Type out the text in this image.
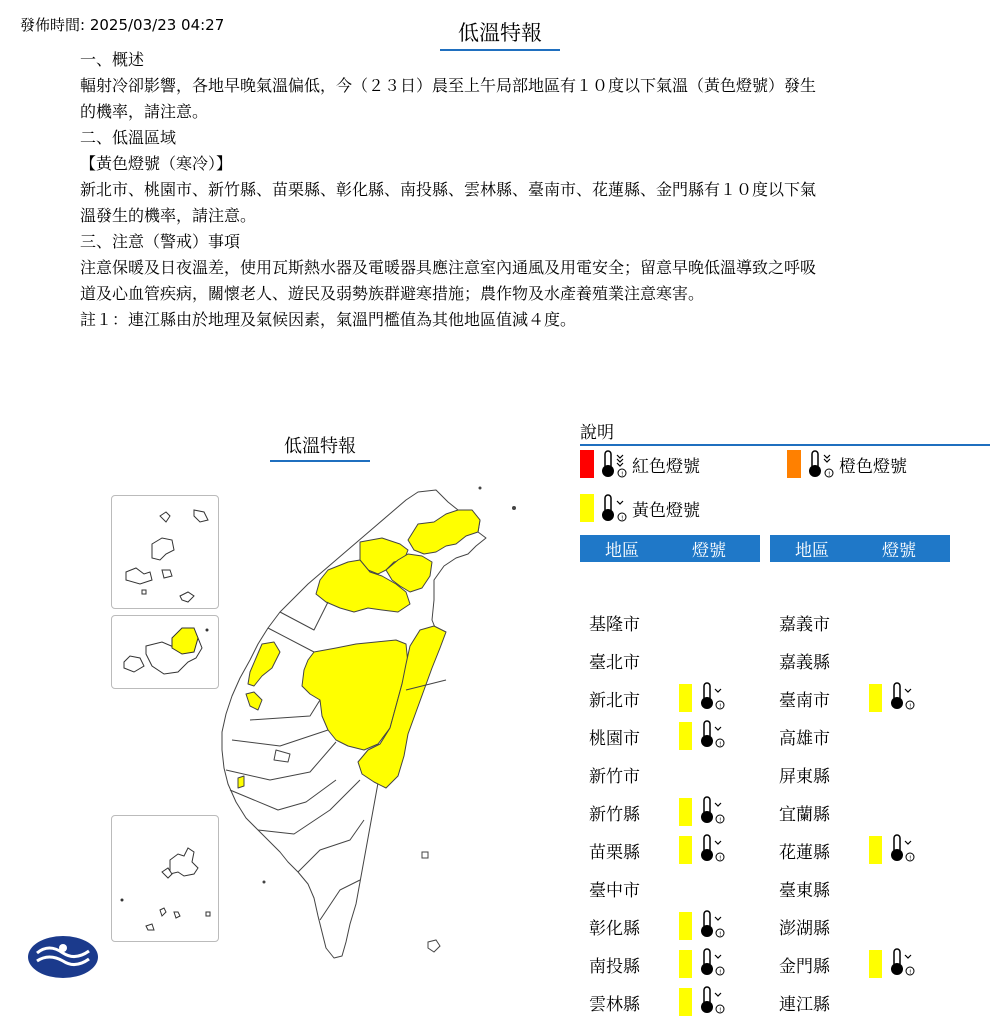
發佈時間: 2025/03/23 04:27	低溫特報

一、概述

輻射冷卻影響，各地早晚氣溫偏低，今（２３日）晨至上午局部地區有１０度以下氣溫（黃色燈號）發生

的機率，請注意。

二、低溫區域

【黃色燈號（寒冷）】

新北市、桃園市、新竹縣、苗栗縣、彰化縣、南投縣、雲林縣、臺南市、花蓮縣、金門縣有１０度以下氣

溫發生的機率，請注意。

三、注意（警戒）事項

注意保暖及日夜溫差，使用瓦斯熱水器及電暖器具應注意室內通風及用電安全；留意早晚低溫導致之呼吸

道及心血管疾病，關懷老人、遊民及弱勢族群避寒措施；農作物及水產養殖業注意寒害。

註１：連江縣由於地理及氣候因素，氣溫門檻值為其他地區值減４度。

低溫特報
說明
! 紅色燈號	! 橙色燈號
! 黃色燈號
地區	燈號
基隆市
臺北市
新北市	!
桃園市	!
新竹市
新竹縣	!
苗栗縣	!
臺中市
彰化縣	!
南投縣	!
雲林縣	!
地區	燈號
嘉義市
嘉義縣
臺南市	!
高雄市
屏東縣
宜蘭縣
花蓮縣	!
臺東縣
澎湖縣
金門縣	!
連江縣
